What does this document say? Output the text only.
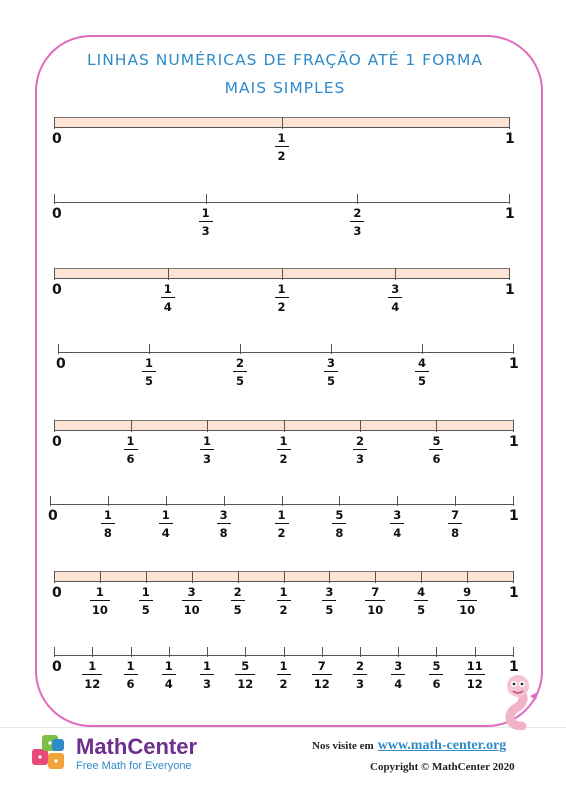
LINHAS NUMÉRICAS DE FRAÇÃO ATÉ 1 FORMA
MAIS SIMPLES
0	1
1
2
0	1
1
3
2
3
0	1
1
4
1
2
3
4
0	1
1
5
2
5
3
5
4
5
0	1
1
6
1
3
1
2
2
3
5
6
0	1
1
8
1
4
3
8
1
2
5
8
3
4
7
8
0	1
1
10
1
5
3
10
2
5
1
2
3
5
7
10
4
5
9
10
0	1
1
12
1
6
1
4
1
3
5
12
1
2
7
12
2
3
3
4
5
6
11
12
MathCenter
Free Math for Everyone
Nos visite em www.math-center.org
Copyright © MathCenter 2020
